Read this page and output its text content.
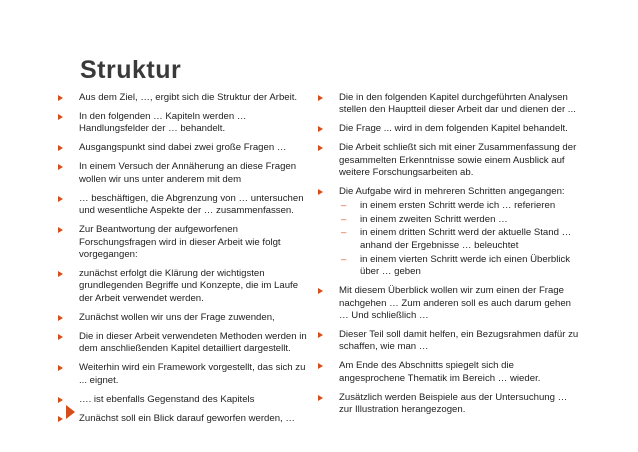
Struktur
Aus dem Ziel, …, ergibt sich die Struktur der Arbeit.
In den folgenden … Kapiteln werden …Handlungsfelder der … behandelt.
Ausgangspunkt sind dabei zwei große Fragen …
In einem Versuch der Annäherung an diese Fragen wollen wir uns unter anderem mit dem
… beschäftigen, die Abgrenzung von … untersuchen und wesentliche Aspekte der … zusammenfassen.
Zur Beantwortung der aufgeworfenen Forschungsfragen wird in dieser Arbeit wie folgt vorgegangen:
zunächst erfolgt die Klärung der wichtigsten grundlegenden Begriffe und Konzepte, die im Laufe der Arbeit verwendet werden.
Zunächst wollen wir uns der Frage zuwenden,
Die in dieser Arbeit verwendeten Methoden werden in dem anschließenden Kapitel detailliert dargestellt.
Weiterhin wird ein Framework vorgestellt, das sich zu ... eignet.
…. ist ebenfalls Gegenstand des Kapitels
Zunächst soll ein Blick darauf geworfen werden, …
Die in den folgenden Kapitel durchgeführten Analysen stellen den Hauptteil dieser Arbeit dar und dienen der ...
Die Frage ... wird in dem folgenden Kapitel behandelt.
Die Arbeit schließt sich mit einer Zusammenfassung der gesammelten Erkenntnisse sowie einem Ausblick auf weitere Forschungsarbeiten ab.
Die Aufgabe wird in mehreren Schritten angegangen:
– in einem ersten Schritt werde ich … referieren
– in einem zweiten Schritt werden …
– in einem dritten Schritt werd der aktuelle Stand … anhand der Ergebnisse … beleuchtet
– in einem vierten Schritt werde ich einen Überblick über … geben
Mit diesem Überblick wollen wir zum einen der Frage nachgehen … Zum anderen soll es auch darum gehen … Und schließlich …
Dieser Teil soll damit helfen, ein Bezugsrahmen dafür zu schaffen, wie man …
Am Ende des Abschnitts spiegelt sich die angesprochene Thematik im Bereich … wieder.
Zusätzlich werden Beispiele aus der Untersuchung … zur Illustration herangezogen.
